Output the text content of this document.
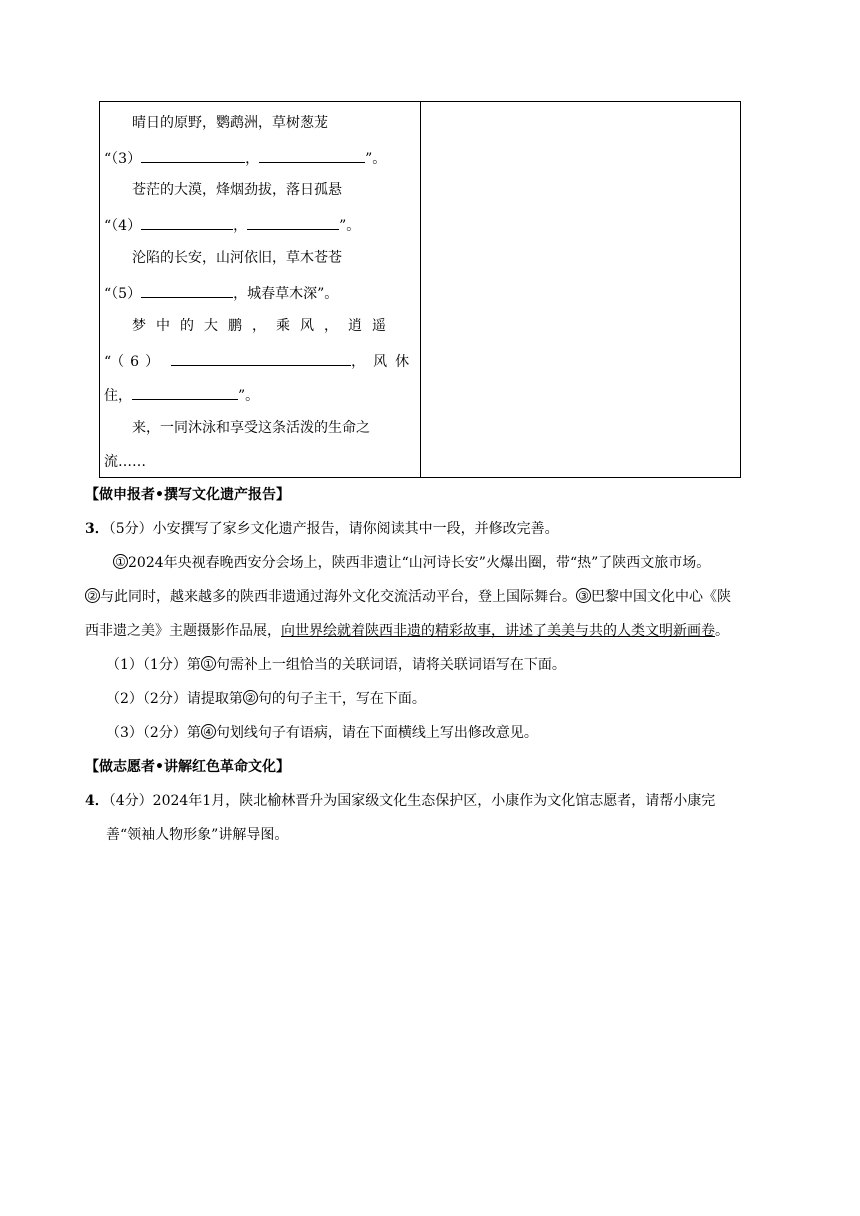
晴日的原野，鹦鹉洲，草树葱茏
“（3）	，	”。
苍茫的大漠，烽烟劲拔，落日孤悬
“（4）	，	”。
沦陷的长安，山河依旧，草木苍苍
“（5）	，城春草木深”。
梦中的大鹏，乘风，逍遥
“（6）	，风休
住，	”。
来，一同沐泳和享受这条活泼的生命之
流……
【做申报者•撰写文化遗产报告】
3．（5分）小安撰写了家乡文化遗产报告，请你阅读其中一段，并修改完善。
① 2024年央视春晚西安分会场上，陕西非遗让“山河诗长安”火爆出圈，带“热”了陕西文旅市场。
② 与此同时，越来越多的陕西非遗通过海外文化交流活动平台，登上国际舞台。 ③ 巴黎中国文化中心《陕
西非遗之美》主题摄影作品展，向世界绘就着陕西非遗的精彩故事，讲述了美美与共的人类文明新画卷。
（1）（1分）第 ① 句需补上一组恰当的关联词语，请将关联词语写在下面。
（2）（2分）请提取第 ② 句的句子主干，写在下面。
（3）（2分）第 ④ 句划线句子有语病，请在下面横线上写出修改意见。
【做志愿者•讲解红色革命文化】
4．（4分）2024年1月，陕北榆林晋升为国家级文化生态保护区，小康作为文化馆志愿者，请帮小康完
善“领袖人物形象”讲解导图。
